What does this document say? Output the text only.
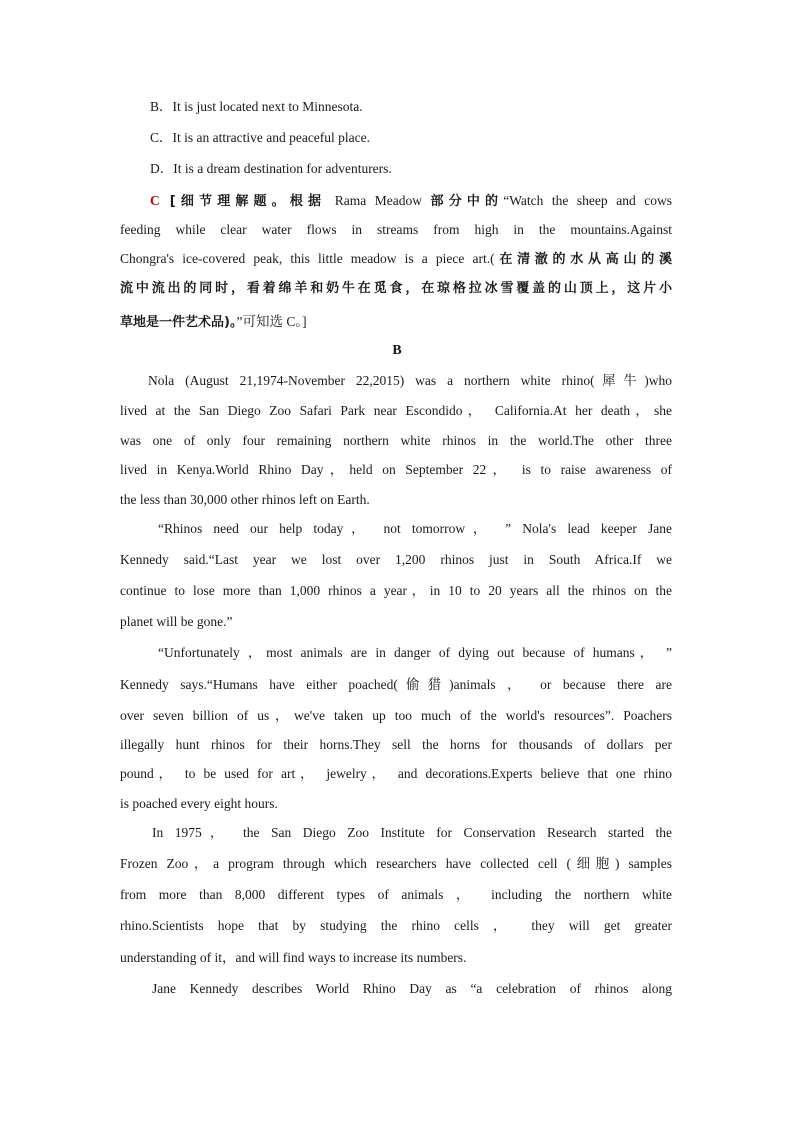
B．It is just located next to Minnesota.
C．It is an attractive and peaceful place.
D．It is a dream destination for adventurers.
C [细节理解题。根据 Rama Meadow 部分中的“Watch the sheep and cows
feeding while clear water flows in streams from high in the mountains.Against
Chongra's ice-covered peak, this little meadow is a piece art.(在清澈的水从高山的溪
流中流出的同时，看着绵羊和奶牛在觅食，在琼格拉冰雪覆盖的山顶上，这片小
草地是一件艺术品)。”可知选 C。]
B
Nola (August 21,1974-November 22,2015) was a northern white rhino(犀牛)who
lived at the San Diego Zoo Safari Park near Escondido， California.At her death，she
was one of only four remaining northern white rhinos in the world.The other three
lived in Kenya.World Rhino Day，held on September 22， is to raise awareness of
the less than 30,000 other rhinos left on Earth.
“Rhinos need our help today， not tomorrow， ” Nola's lead keeper Jane
Kennedy said.“Last year we lost over 1,200 rhinos just in South Africa.If we
continue to lose more than 1,000 rhinos a year，in 10 to 20 years all the rhinos on the
planet will be gone.”
“Unfortunately ，most animals are in danger of dying out because of humans， ”
Kennedy says.“Humans have either poached(偷猎)animals ， or because there are
over seven billion of us，we've taken up too much of the world's resources”. Poachers
illegally hunt rhinos for their horns.They sell the horns for thousands of dollars per
pound， to be used for art， jewelry， and decorations.Experts believe that one rhino
is poached every eight hours.
In 1975， the San Diego Zoo Institute for Conservation Research started the
Frozen Zoo，a program through which researchers have collected cell (细胞) samples
from more than 8,000 different types of animals ， including the northern white
rhino.Scientists hope that by studying the rhino cells ， they will get greater
understanding of it，and will find ways to increase its numbers.
Jane Kennedy describes World Rhino Day as “a celebration of rhinos along
